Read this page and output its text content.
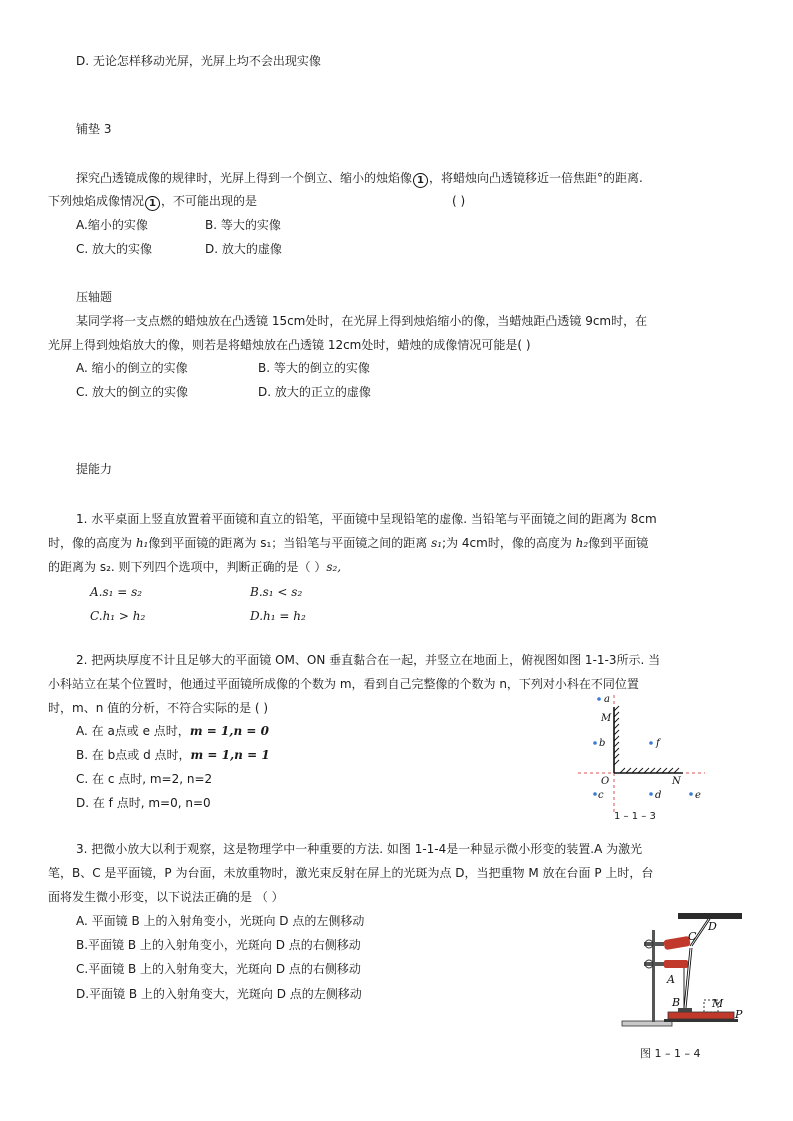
D. 无论怎样移动光屏，光屏上均不会出现实像
铺垫 3
探究凸透镜成像的规律时，光屏上得到一个倒立、缩小的烛焰像 1 ，将蜡烛向凸透镜移近一倍焦距°的距离.
下列烛焰成像情况 1 ，不可能出现的是	( )
A.缩小的实像	B. 等大的实像
C. 放大的实像	D. 放大的虚像
压轴题
某同学将一支点燃的蜡烛放在凸透镜 15cm处时，在光屏上得到烛焰缩小的像，当蜡烛距凸透镜 9cm时，在
光屏上得到烛焰放大的像，则若是将蜡烛放在凸透镜 12cm处时，蜡烛的成像情况可能是( )
A. 缩小的倒立的实像	B. 等大的倒立的实像
C. 放大的倒立的实像	D. 放大的正立的虚像
提能力
1. 水平桌面上竖直放置着平面镜和直立的铅笔，平面镜中呈现铅笔的虚像. 当铅笔与平面镜之间的距离为 8cm
时，像的高度为 h₁像到平面镜的距离为 s₁；当铅笔与平面镜之间的距离 s₁;为 4cm时，像的高度为 h₂像到平面镜
的距离为 s₂. 则下列四个选项中，判断正确的是（ ）s₂,
A.s₁ = s₂	B.s₁ < s₂
C.h₁ > h₂	D.h₁ = h₂
2. 把两块厚度不计且足够大的平面镜 OM、ON 垂直黏合在一起，并竖立在地面上，俯视图如图 1-1-3所示. 当
小科站立在某个位置时，他通过平面镜所成像的个数为 m，看到自己完整像的个数为 n，下列对小科在不同位置
时，m、n 值的分析，不符合实际的是 ( )
A. 在 a点或 e 点时，m = 1,n = 0
B. 在 b点或 d 点时，m = 1,n = 1
C. 在 c 点时, m=2, n=2
D. 在 f 点时, m=0, n=0
a
M
b	f
O	N
c	d	e
1 – 1 – 3
3. 把微小放大以利于观察，这是物理学中一种重要的方法. 如图 1-1-4是一种显示微小形变的装置.A 为激光
笔，B、C 是平面镜，P 为台面，未放重物时，激光束反射在屏上的光斑为点 D，当把重物 M 放在台面 P 上时，台
面将发生微小形变，以下说法正确的是 （ ）
A. 平面镜 B 上的入射角变小，光斑向 D 点的左侧移动
B.平面镜 B 上的入射角变小，光斑向 D 点的右侧移动
C.平面镜 B 上的入射角变大，光斑向 D 点的右侧移动
D.平面镜 B 上的入射角变大，光斑向 D 点的左侧移动
C
D
A
B	M
P
图 1 – 1 – 4
